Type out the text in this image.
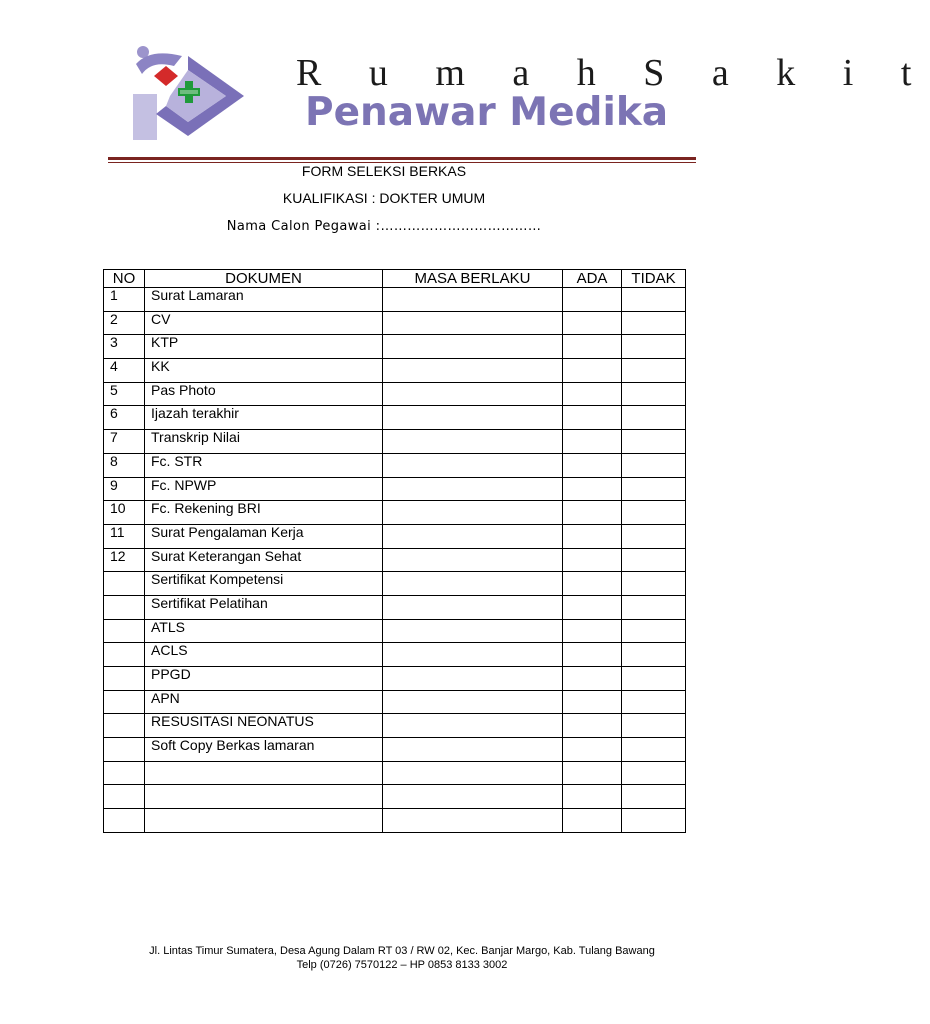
R u m a h S a k i t
Penawar Medika
FORM SELEKSI BERKAS
KUALIFIKASI : DOKTER UMUM
Nama Calon Pegawai :………………………………
NO	DOKUMEN	MASA BERLAKU	ADA	TIDAK
1	Surat Lamaran			
2	CV			
3	KTP			
4	KK			
5	Pas Photo			
6	Ijazah terakhir			
7	Transkrip Nilai			
8	Fc. STR			
9	Fc. NPWP			
10	Fc. Rekening BRI			
11	Surat Pengalaman Kerja			
12	Surat Keterangan Sehat			
	Sertifikat Kompetensi			
	Sertifikat Pelatihan			
	ATLS			
	ACLS			
	PPGD			
	APN			
	RESUSITASI NEONATUS			
	Soft Copy Berkas lamaran			

Jl. Lintas Timur Sumatera, Desa Agung Dalam RT 03 / RW 02, Kec. Banjar Margo, Kab. Tulang Bawang
Telp (0726) 7570122 – HP 0853 8133 3002
